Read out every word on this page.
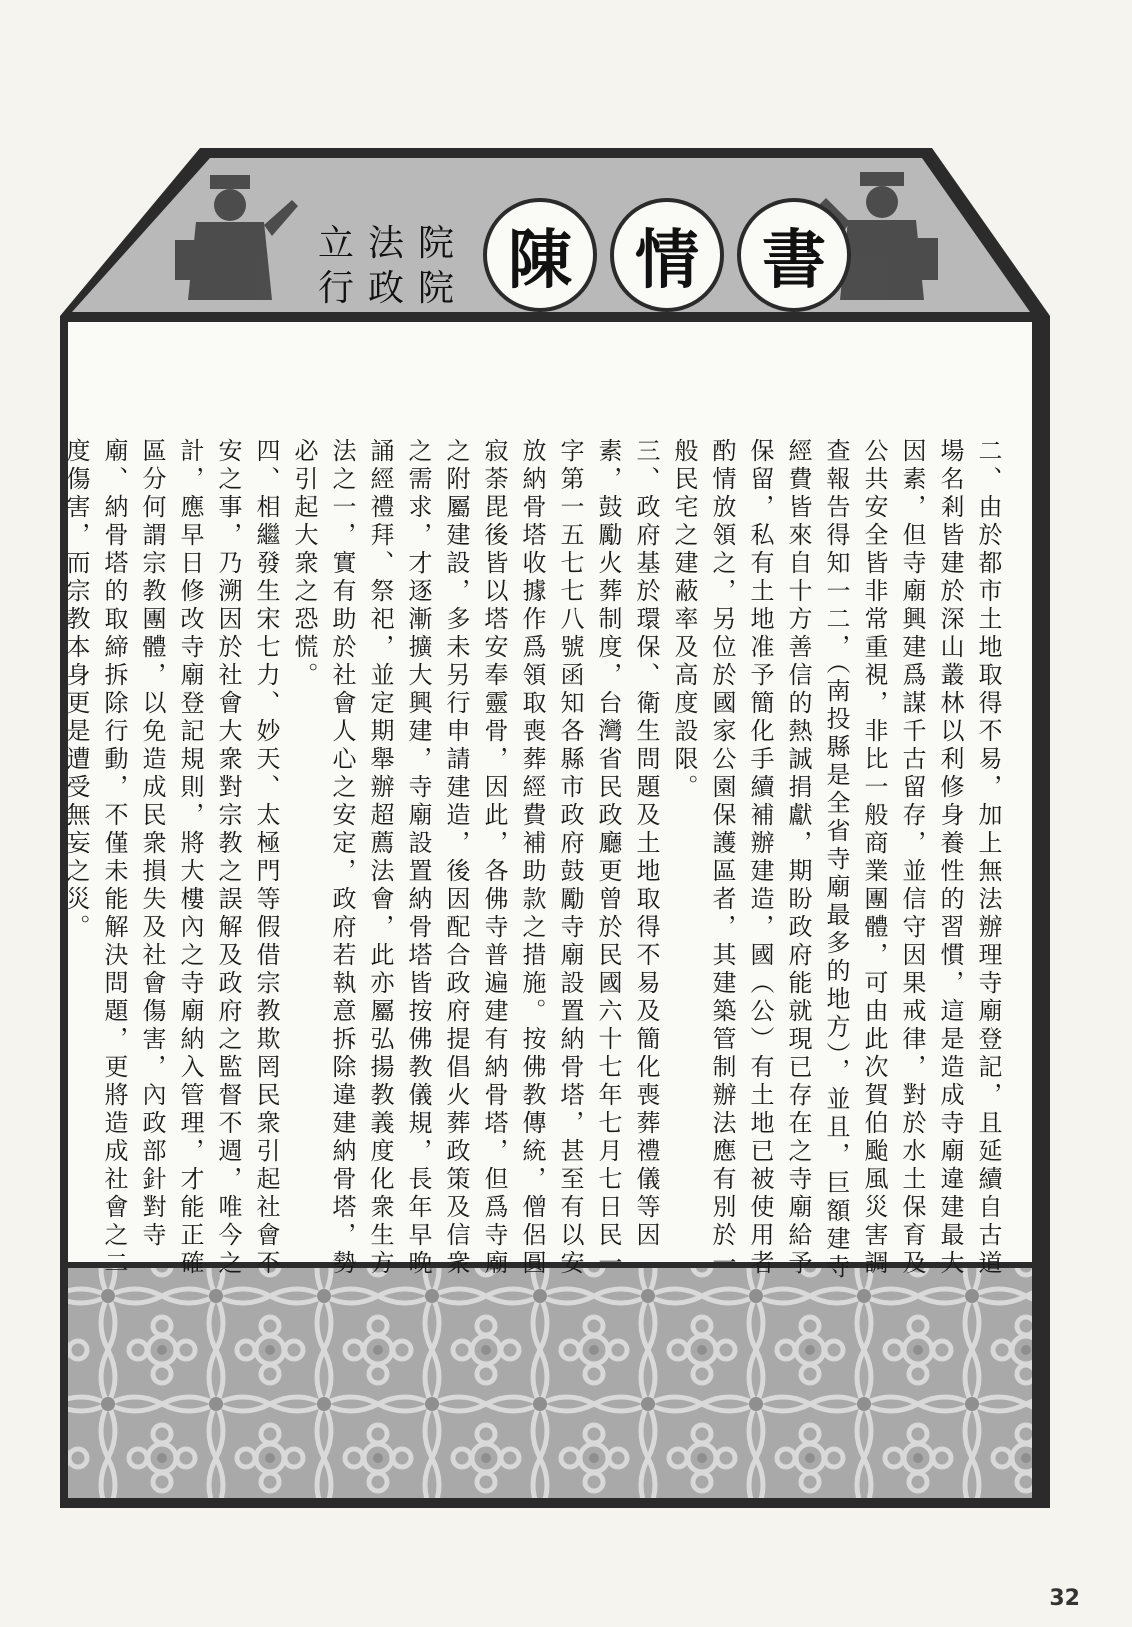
立法院
行政院 陳 情 書

二、由於都市土地取得不易，加上無法辦理寺廟登記，且延續自古道場名剎皆建於深山叢林以利修身養性的習慣，這是造成寺廟違建最大因素，但寺廟興建爲謀千古留存，並信守因果戒律，對於水土保育及公共安全皆非常重視，非比一般商業團體，可由此次賀伯颱風災害調查報告得知一二，（南投縣是全省寺廟最多的地方），並且，巨額建寺經費皆來自十方善信的熱誠捐獻，期盼政府能就現已存在之寺廟給予保留，私有土地准予簡化手續補辦建造，國（公）有土地已被使用者酌情放領之，另位於國家公園保護區者，其建築管制辦法應有別於一般民宅之建蔽率及高度設限。

三、政府基於環保、衛生問題及土地取得不易及簡化喪葬禮儀等因素，鼓勵火葬制度，台灣省民政廳更曾於民國六十七年七月七日民一字第一五七七八號函知各縣市政府鼓勵寺廟設置納骨塔，甚至有以安放納骨塔收據作爲領取喪葬經費補助款之措施。按佛教傳統，僧侶圓寂荼毘後皆以塔安奉靈骨，因此，各佛寺普遍建有納骨塔，但爲寺廟之附屬建設，多未另行申請建造，後因配合政府提倡火葬政策及信衆之需求，才逐漸擴大興建，寺廟設置納骨塔皆按佛教儀規，長年早晚誦經禮拜、祭祀，並定期舉辦超薦法會，此亦屬弘揚教義度化衆生方法之一，實有助於社會人心之安定，政府若執意拆除違建納骨塔，勢必引起大衆之恐慌。

四、相繼發生宋七力、妙天、太極門等假借宗教欺罔民衆引起社會不安之事，乃溯因於社會大衆對宗教之誤解及政府之監督不週，唯今之計，應早日修改寺廟登記規則，將大樓內之寺廟納入管理，才能正確區分何謂宗教團體，以免造成民衆損失及社會傷害，內政部針對寺廟、納骨塔的取締拆除行動，不僅未能解決問題，更將造成社會之二度傷害，而宗教本身更是遭受無妄之災。

32
